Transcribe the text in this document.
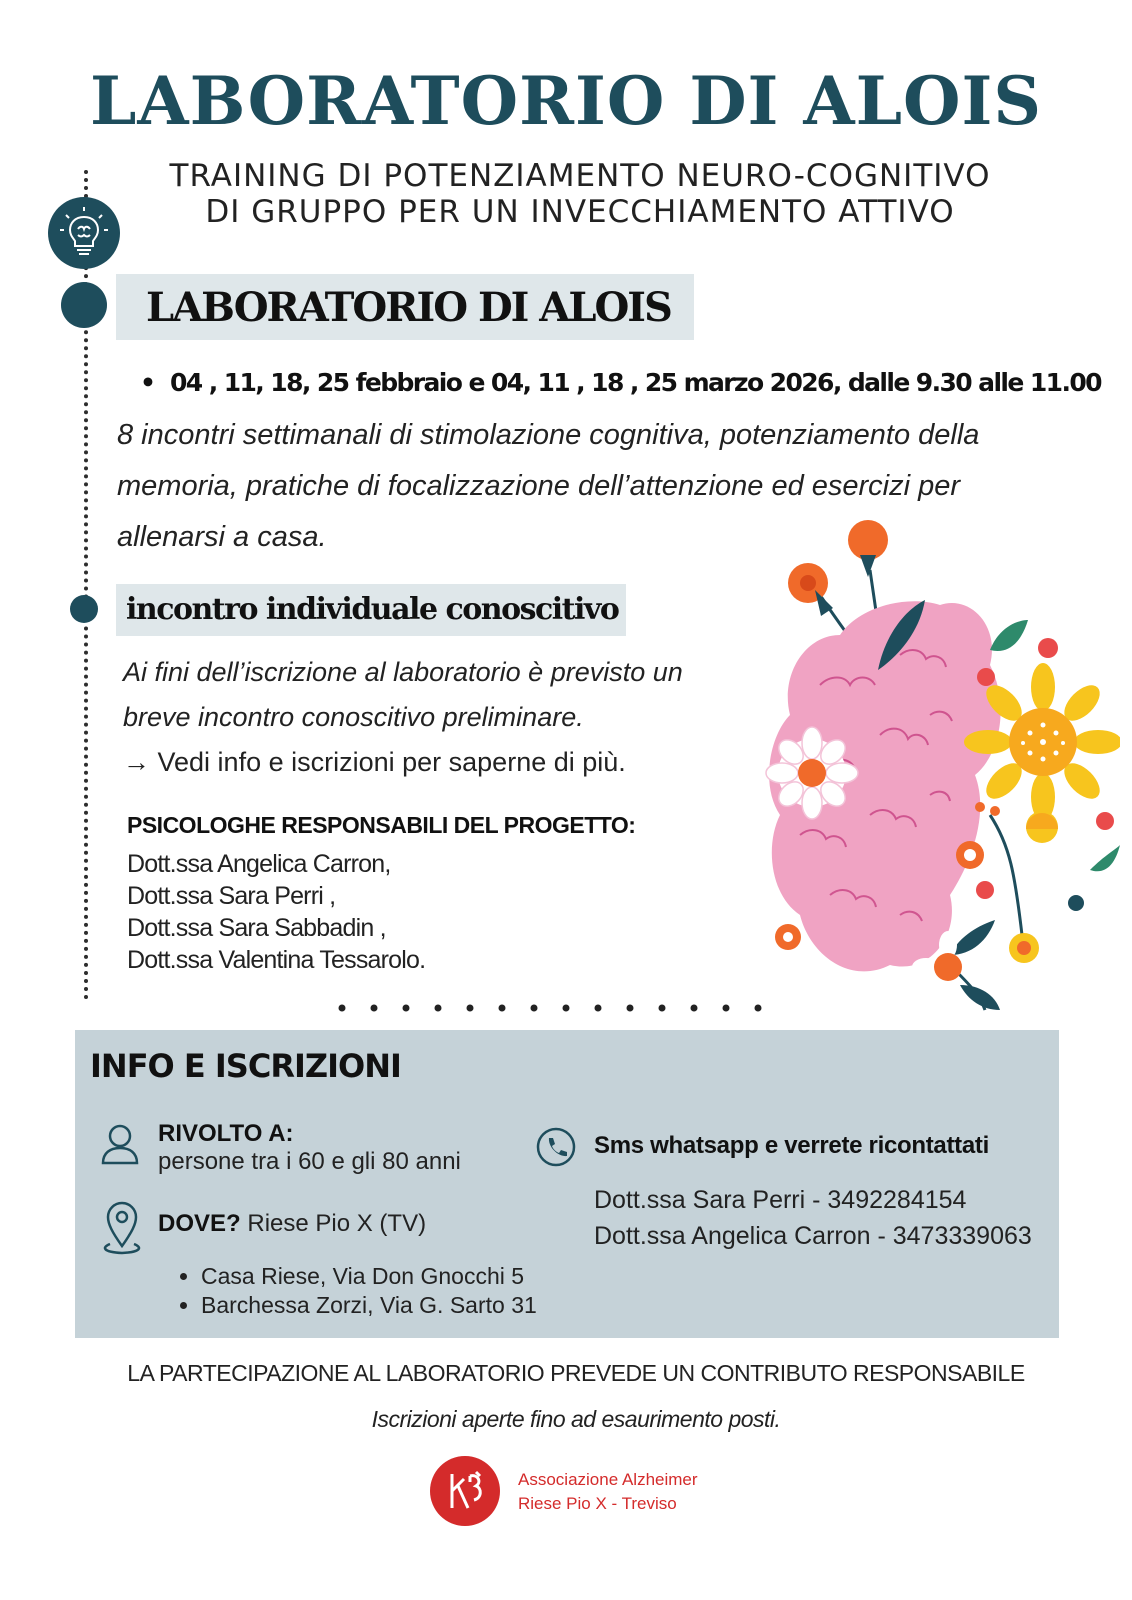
LABORATORIO DI ALOIS
TRAINING DI POTENZIAMENTO NEURO-COGNITIVO
DI GRUPPO PER UN INVECCHIAMENTO ATTIVO
LABORATORIO DI ALOIS
• 04 , 11, 18, 25 febbraio e 04, 11 , 18 , 25 marzo 2026, dalle 9.30 alle 11.00
8 incontri settimanali di stimolazione cognitiva, potenziamento della
memoria, pratiche di focalizzazione dell’attenzione ed esercizi per
allenarsi a casa.
incontro individuale conoscitivo
Ai fini dell’iscrizione al laboratorio è previsto un
breve incontro conoscitivo preliminare.
→ Vedi info e iscrizioni per saperne di più.
PSICOLOGHE RESPONSABILI DEL PROGETTO:
Dott.ssa Angelica Carron,
Dott.ssa Sara Perri ,
Dott.ssa Sara Sabbadin ,
Dott.ssa Valentina Tessarolo.
INFO E ISCRIZIONI
RIVOLTO A:
persone tra i 60 e gli 80 anni
DOVE? Riese Pio X (TV)
• Casa Riese, Via Don Gnocchi 5
• Barchessa Zorzi, Via G. Sarto 31
Sms whatsapp e verrete ricontattati
Dott.ssa Sara Perri - 3492284154
Dott.ssa Angelica Carron - 3473339063
LA PARTECIPAZIONE AL LABORATORIO PREVEDE UN CONTRIBUTO RESPONSABILE
Iscrizioni aperte fino ad esaurimento posti.
Associazione Alzheimer
Riese Pio X - Treviso
